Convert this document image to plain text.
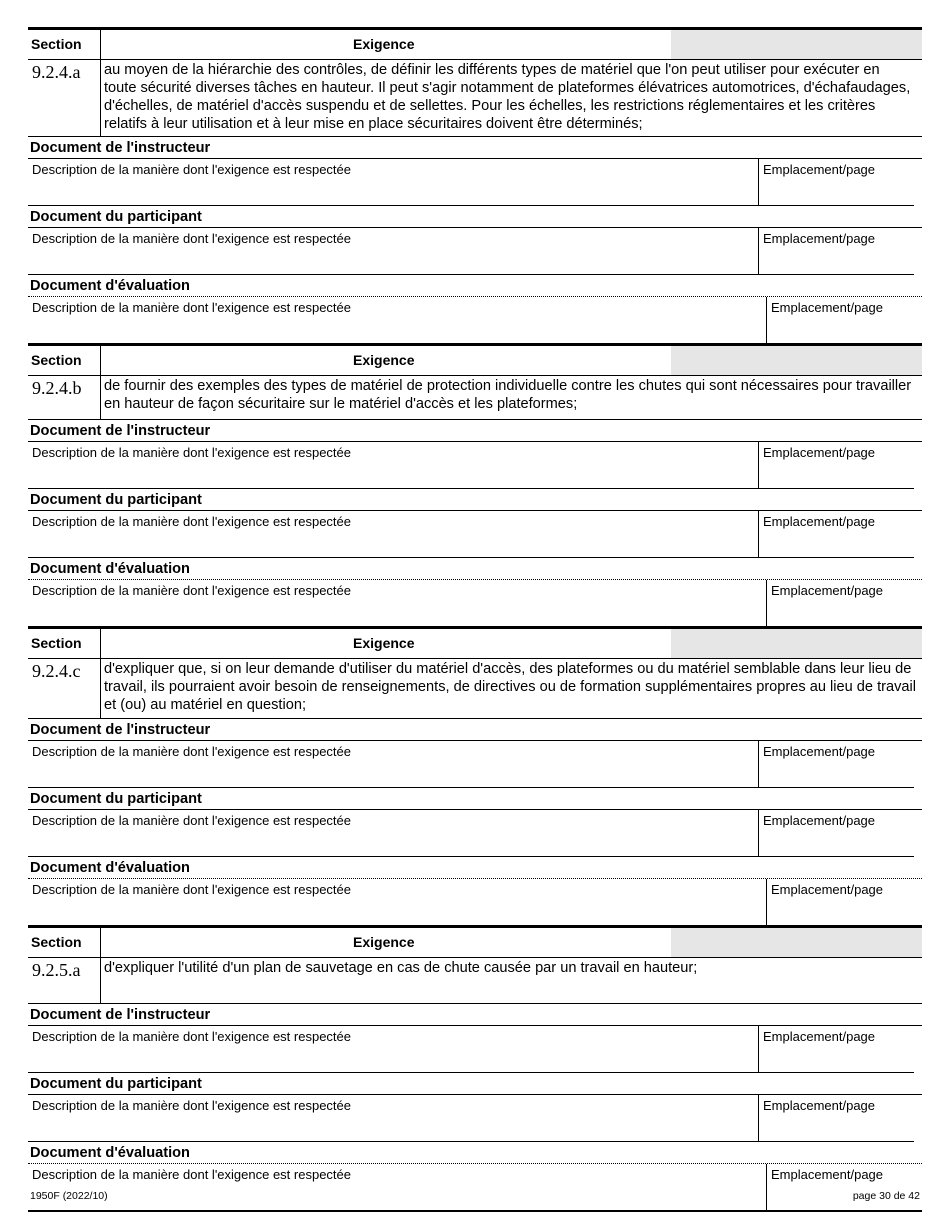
Section	Exigence
9.2.4.a	au moyen de la hiérarchie des contrôles, de définir les différents types de matériel que l'on peut utiliser pour exécuter en toute sécurité diverses tâches en hauteur. Il peut s'agir notamment de plateformes élévatrices automotrices, d'échafaudages, d'échelles, de matériel d'accès suspendu et de sellettes. Pour les échelles, les restrictions réglementaires et les critères relatifs à leur utilisation et à leur mise en place sécuritaires doivent être déterminés;
Document de l'instructeur
Description de la manière dont l'exigence est respectée	Emplacement/page
Document du participant
Description de la manière dont l'exigence est respectée	Emplacement/page
Document d'évaluation
Description de la manière dont l'exigence est respectée	Emplacement/page
Section	Exigence
9.2.4.b	de fournir des exemples des types de matériel de protection individuelle contre les chutes qui sont nécessaires pour travailler en hauteur de façon sécuritaire sur le matériel d'accès et les plateformes;
Document de l'instructeur
Description de la manière dont l'exigence est respectée	Emplacement/page
Document du participant
Description de la manière dont l'exigence est respectée	Emplacement/page
Document d'évaluation
Description de la manière dont l'exigence est respectée	Emplacement/page
Section	Exigence
9.2.4.c	d'expliquer que, si on leur demande d'utiliser du matériel d'accès, des plateformes ou du matériel semblable dans leur lieu de travail, ils pourraient avoir besoin de renseignements, de directives ou de formation supplémentaires propres au lieu de travail et (ou) au matériel en question;
Document de l'instructeur
Description de la manière dont l'exigence est respectée	Emplacement/page
Document du participant
Description de la manière dont l'exigence est respectée	Emplacement/page
Document d'évaluation
Description de la manière dont l'exigence est respectée	Emplacement/page
Section	Exigence
9.2.5.a	d'expliquer l'utilité d'un plan de sauvetage en cas de chute causée par un travail en hauteur;
Document de l'instructeur
Description de la manière dont l'exigence est respectée	Emplacement/page
Document du participant
Description de la manière dont l'exigence est respectée	Emplacement/page
Document d'évaluation
Description de la manière dont l'exigence est respectée	Emplacement/page
1950F (2022/10)	page 30 de 42
